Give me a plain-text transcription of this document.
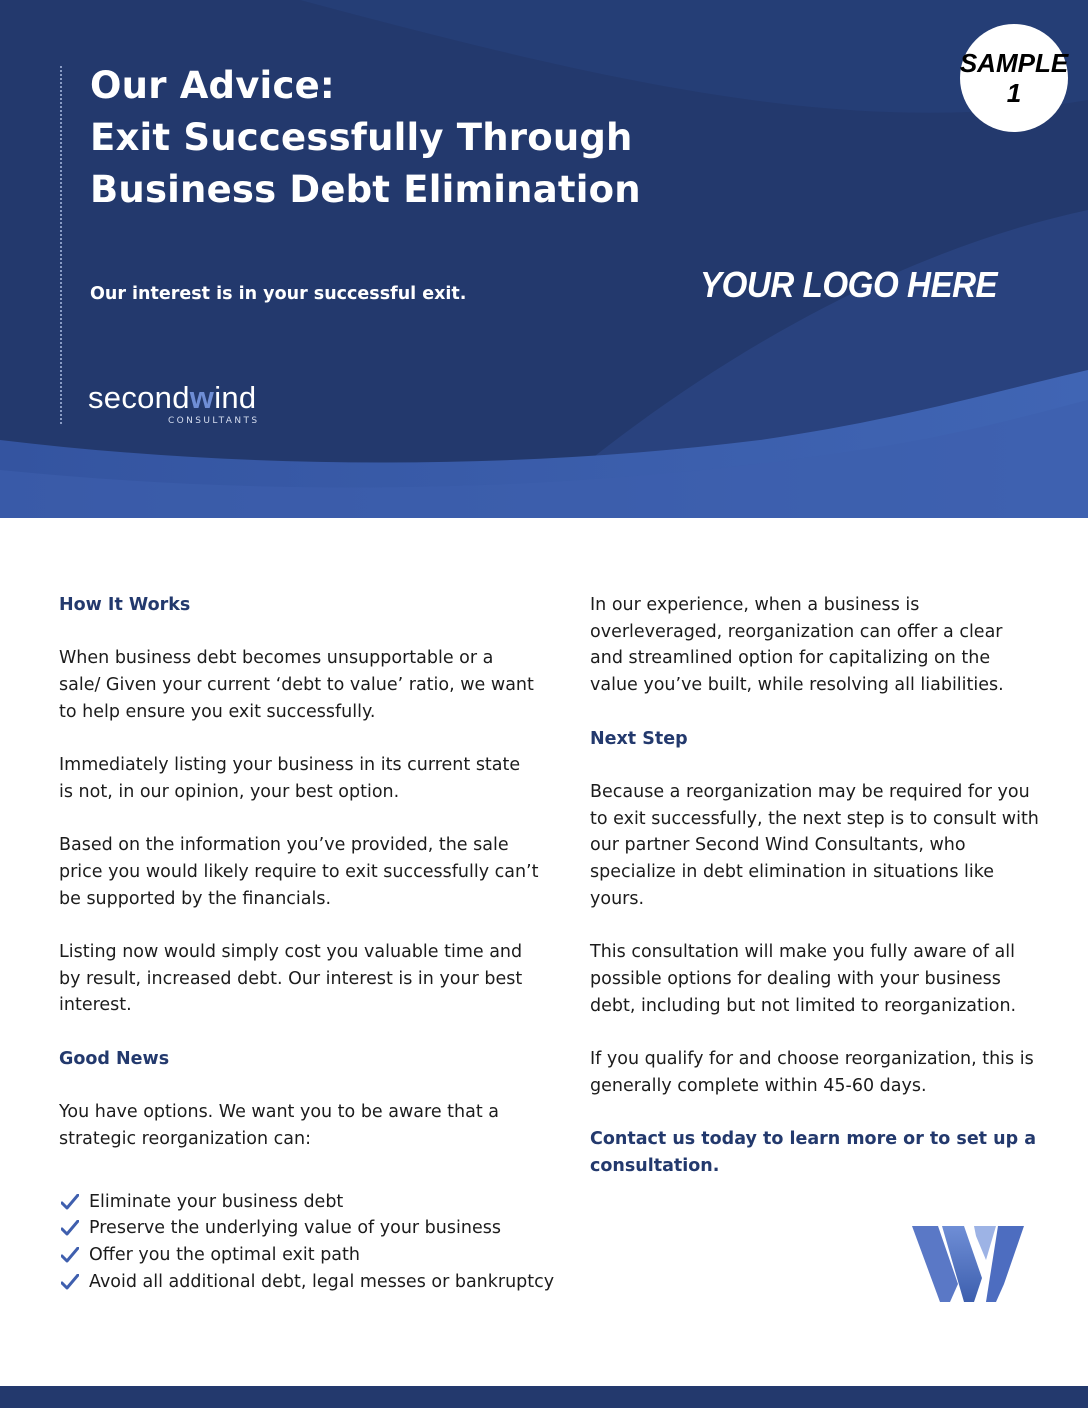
Our Advice:
Exit Successfully Through
Business Debt Elimination
Our interest is in your successful exit.	YOUR LOGO HERE
SAMPLE
1
secondwind
CONSULTANTS
How It Works

When business debt becomes unsupportable or a sale/ Given your current ‘debt to value’ ratio, we want to help ensure you exit successfully.

Immediately listing your business in its current state is not, in our opinion, your best option.

Based on the information you’ve provided, the sale price you would likely require to exit successfully can’t be supported by the financials.

Listing now would simply cost you valuable time and by result, increased debt. Our interest is in your best interest.

Good News

You have options. We want you to be aware that a strategic reorganization can:

Eliminate your business debt
Preserve the underlying value of your business
Offer you the optimal exit path
Avoid all additional debt, legal messes or bankruptcy

In our experience, when a business is overleveraged, reorganization can offer a clear and streamlined option for capitalizing on the value you’ve built, while resolving all liabilities.

Next Step

Because a reorganization may be required for you to exit successfully, the next step is to consult with our partner Second Wind Consultants, who specialize in debt elimination in situations like yours.

This consultation will make you fully aware of all possible options for dealing with your business debt, including but not limited to reorganization.

If you qualify for and choose reorganization, this is generally complete within 45-60 days.

Contact us today to learn more or to set up a consultation.
